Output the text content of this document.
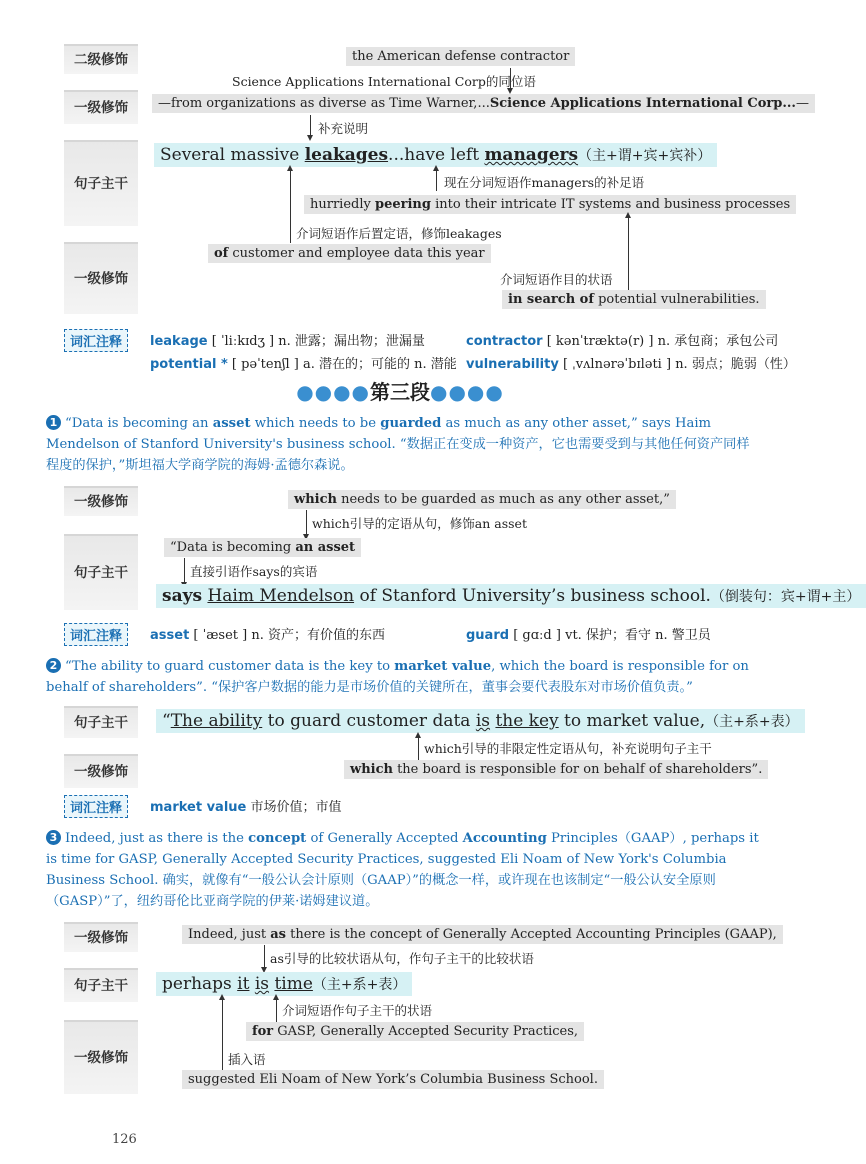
二级修饰
一级修饰
句子主干
一级修饰
the American defense contractor
Science Applications International Corp的同位语
—from organizations as diverse as Time Warner,...Science Applications International Corp...—
补充说明
Several massive leakages...have left managers（主+谓+宾+宾补）
现在分词短语作managers的补足语
hurriedly peering into their intricate IT systems and business processes
介词短语作后置定语，修饰leakages
of customer and employee data this year
介词短语作目的状语
in search of potential vulnerabilities.
词汇注释	leakage [ ˈliːkɪdʒ ] n. 泄露；漏出物；泄漏量	contractor [ kənˈtræktə(r) ] n. 承包商；承包公司
potential * [ pəˈtenʃl ] a. 潜在的；可能的 n. 潜能 vulnerability [ ˌvʌlnərəˈbɪləti ] n. 弱点；脆弱（性）
●●●●第三段●●●●
1 “Data is becoming an asset which needs to be guarded as much as any other asset,” says Haim Mendelson of Stanford University's business school. “数据正在变成一种资产，它也需要受到与其他任何资产同样程度的保护，”斯坦福大学商学院的海姆·孟德尔森说。
一级修饰
句子主干
which needs to be guarded as much as any other asset,”
which引导的定语从句，修饰an asset
“Data is becoming an asset
直接引语作says的宾语
says Haim Mendelson of Stanford University’s business school.（倒装句：宾+谓+主）
词汇注释	asset [ ˈæset ] n. 资产；有价值的东西	guard [ gɑːd ] vt. 保护；看守 n. 警卫员
2 “The ability to guard customer data is the key to market value, which the board is responsible for on behalf of shareholders”. “保护客户数据的能力是市场价值的关键所在，董事会要代表股东对市场价值负责。”
句子主干
一级修饰
“The ability to guard customer data is the key to market value,（主+系+表）
which引导的非限定性定语从句，补充说明句子主干
which the board is responsible for on behalf of shareholders”.
词汇注释	market value 市场价值；市值
3 Indeed, just as there is the concept of Generally Accepted Accounting Principles（GAAP）, perhaps it is time for GASP, Generally Accepted Security Practices, suggested Eli Noam of New York's Columbia Business School. 确实，就像有“一般公认会计原则（GAAP）”的概念一样，或许现在也该制定“一般公认安全原则（GASP）”了，纽约哥伦比亚商学院的伊莱·诺姆建议道。
一级修饰
句子主干
一级修饰
Indeed, just as there is the concept of Generally Accepted Accounting Principles (GAAP),
as引导的比较状语从句，作句子主干的比较状语
perhaps it is time（主+系+表）
介词短语作句子主干的状语
for GASP, Generally Accepted Security Practices,
插入语
suggested Eli Noam of New York’s Columbia Business School.
126
